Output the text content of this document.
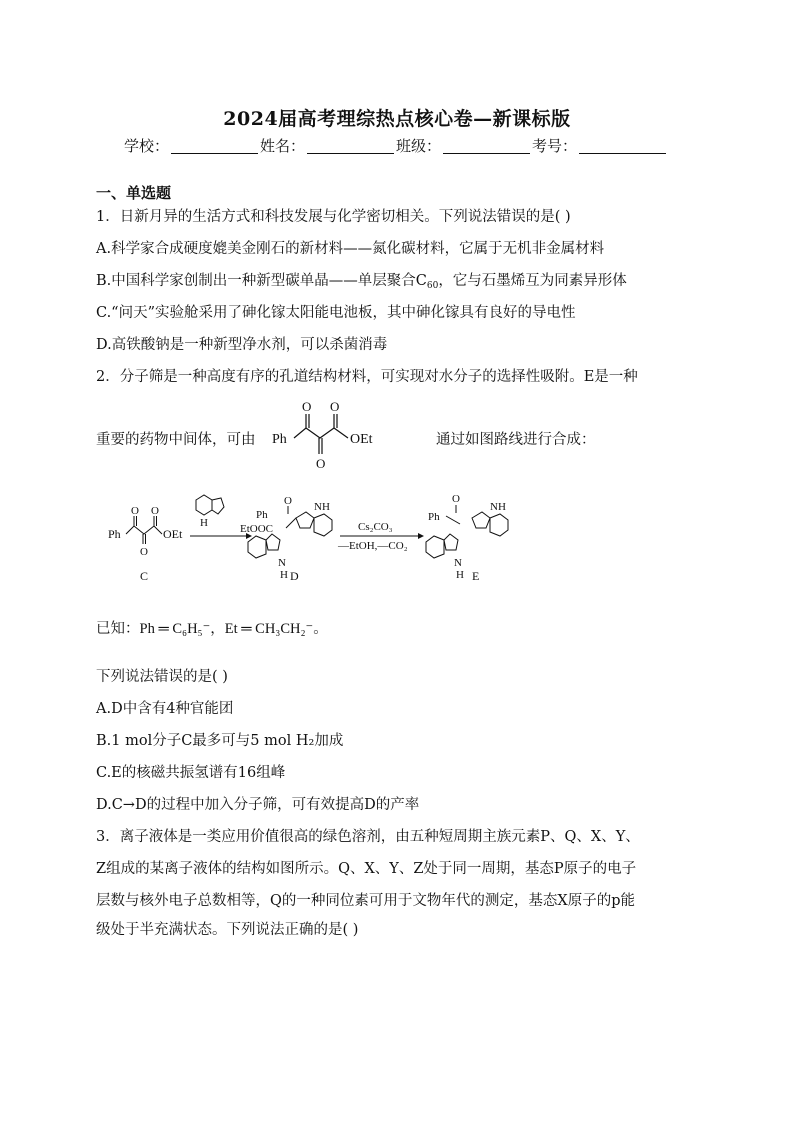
2024届高考理综热点核心卷—新课标版
学校：	姓名：	班级：	考号：
一、单选题
1．日新月异的生活方式和科技发展与化学密切相关。下列说法错误的是( )
A.科学家合成硬度媲美金刚石的新材料——氮化碳材料，它属于无机非金属材料
B.中国科学家创制出一种新型碳单晶——单层聚合$C_{60}$，它与石墨烯互为同素异形体
C.“问天”实验舱采用了砷化镓太阳能电池板，其中砷化镓具有良好的导电性
D.高铁酸钠是一种新型净水剂，可以杀菌消毒
2．分子筛是一种高度有序的孔道结构材料，可实现对水分子的选择性吸附。E是一种
重要的药物中间体，可由	通过如图路线进行合成：
Ph
O O
O
OEt
Ph
O O
O
OEt
C
H
Ph
O
EtOOC
NH
N
H D
Cs₂CO₃
—EtOH,—CO₂
Ph
O
NH
N
H E
已知：Ph ═ C₆H₅⁻，Et ═ CH₃CH₂⁻。
下列说法错误的是( )
A.D中含有4种官能团
B.1 mol分子C最多可与5 mol H₂加成
C.E的核磁共振氢谱有16组峰
D.C→D的过程中加入分子筛，可有效提高D的产率
3．离子液体是一类应用价值很高的绿色溶剂，由五种短周期主族元素P、Q、X、Y、
Z组成的某离子液体的结构如图所示。Q、X、Y、Z处于同一周期，基态P原子的电子
层数与核外电子总数相等，Q的一种同位素可用于文物年代的测定，基态X原子的p能
级处于半充满状态。下列说法正确的是( )
